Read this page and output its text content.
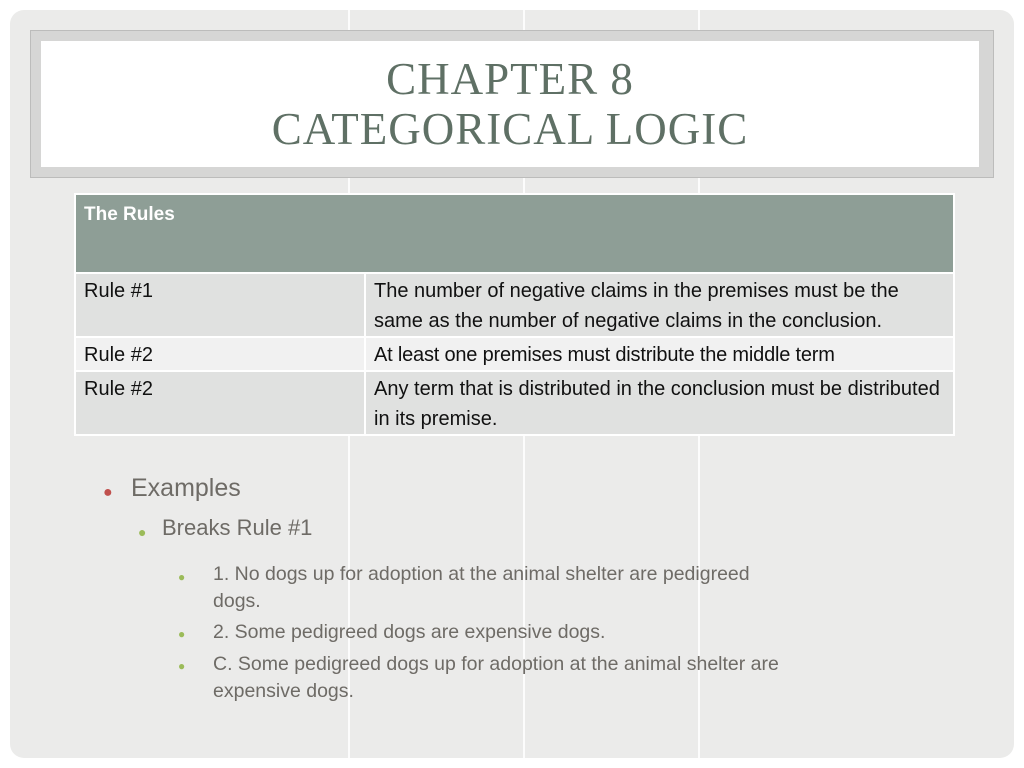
CHAPTER 8
CATEGORICAL LOGIC
The Rules	
Rule #1	The number of negative claims in the premises must be the same as the number of negative claims in the conclusion.
Rule #2	At least one premises must distribute the middle term
Rule #2	Any term that is distributed in the conclusion must be distributed in its premise.
● Examples
● Breaks Rule #1
● 1. No dogs up for adoption at the animal shelter are pedigreed
dogs.
● 2. Some pedigreed dogs are expensive dogs.
● C. Some pedigreed dogs up for adoption at the animal shelter are
expensive dogs.
